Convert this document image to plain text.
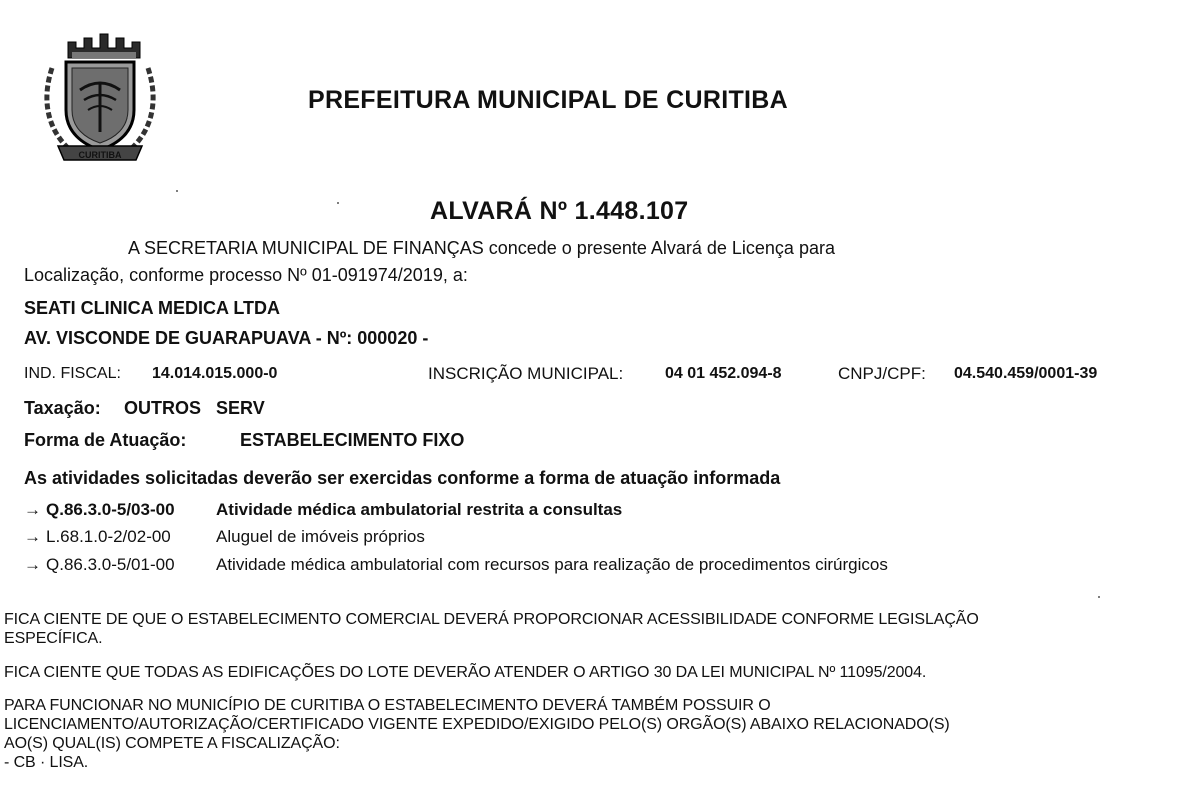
CURITIBA
PREFEITURA MUNICIPAL DE CURITIBA
ALVARÁ Nº 1.448.107
A SECRETARIA MUNICIPAL DE FINANÇAS concede o presente Alvará de Licença para
Localização, conforme processo Nº 01-091974/2019, a:
SEATI CLINICA MEDICA LTDA
AV. VISCONDE DE GUARAPUAVA - Nº: 000020 -
IND. FISCAL: 14.014.015.000-0	INSCRIÇÃO MUNICIPAL:	04 01 452.094-8	CNPJ/CPF: 04.540.459/0001-39
Taxação: OUTROS   SERV
Forma de Atuação:	ESTABELECIMENTO FIXO
As atividades solicitadas deverão ser exercidas conforme a forma de atuação informada
→ Q.86.3.0-5/03-00 Atividade médica ambulatorial restrita a consultas
→ L.68.1.0-2/02-00	Aluguel de imóveis próprios
→ Q.86.3.0-5/01-00 Atividade médica ambulatorial com recursos para realização de procedimentos cirúrgicos
FICA CIENTE DE QUE O ESTABELECIMENTO COMERCIAL DEVERÁ PROPORCIONAR ACESSIBILIDADE CONFORME LEGISLAÇÃO
ESPECÍFICA.
FICA CIENTE QUE TODAS AS EDIFICAÇÕES DO LOTE DEVERÃO ATENDER O ARTIGO 30 DA LEI MUNICIPAL Nº 11095/2004.
PARA FUNCIONAR NO MUNICÍPIO DE CURITIBA O ESTABELECIMENTO DEVERÁ TAMBÉM POSSUIR O
LICENCIAMENTO/AUTORIZAÇÃO/CERTIFICADO VIGENTE EXPEDIDO/EXIGIDO PELO(S) ORGÃO(S) ABAIXO RELACIONADO(S)
AO(S) QUAL(IS) COMPETE A FISCALIZAÇÃO:
- CB · LISA.
